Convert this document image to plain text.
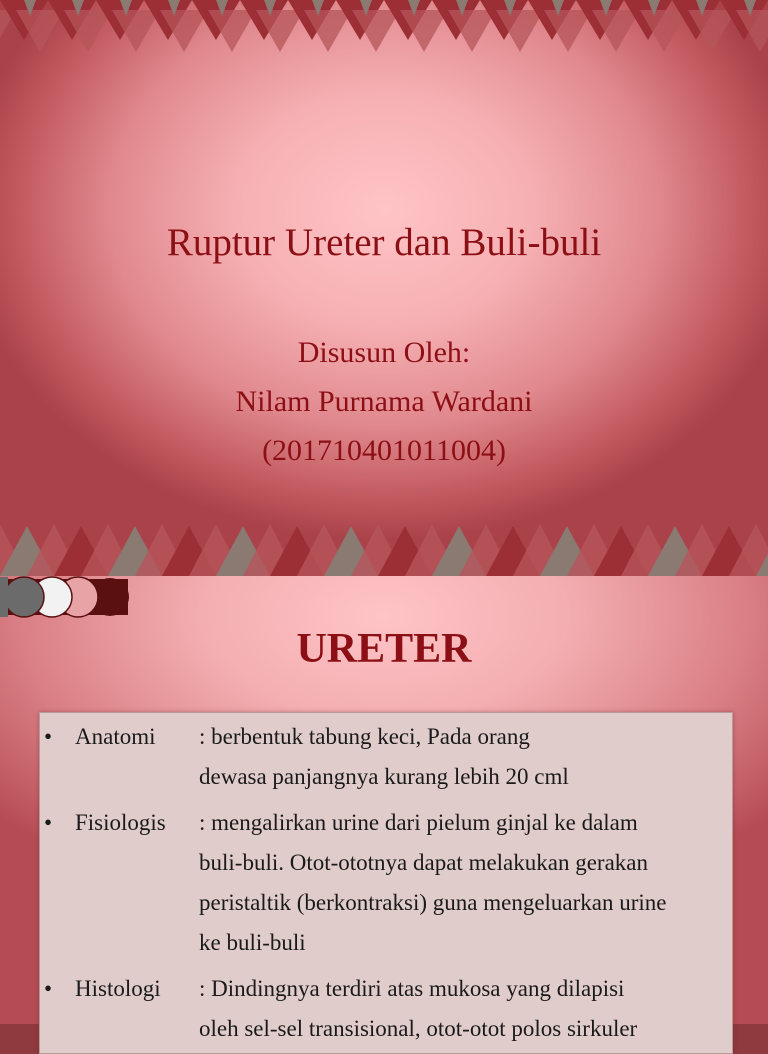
Ruptur Ureter dan Buli-buli
Disusun Oleh:
Nilam Purnama Wardani
(201710401011004)
URETER
• Anatomi : berbentuk tabung keci, Pada orang
dewasa panjangnya kurang lebih 20 cml
• Fisiologis : mengalirkan urine dari pielum ginjal ke dalam
buli-buli. Otot-ototnya dapat melakukan gerakan
peristaltik (berkontraksi) guna mengeluarkan urine
ke buli-buli
• Histologi : Dindingnya terdiri atas mukosa yang dilapisi
oleh sel-sel transisional, otot-otot polos sirkuler
